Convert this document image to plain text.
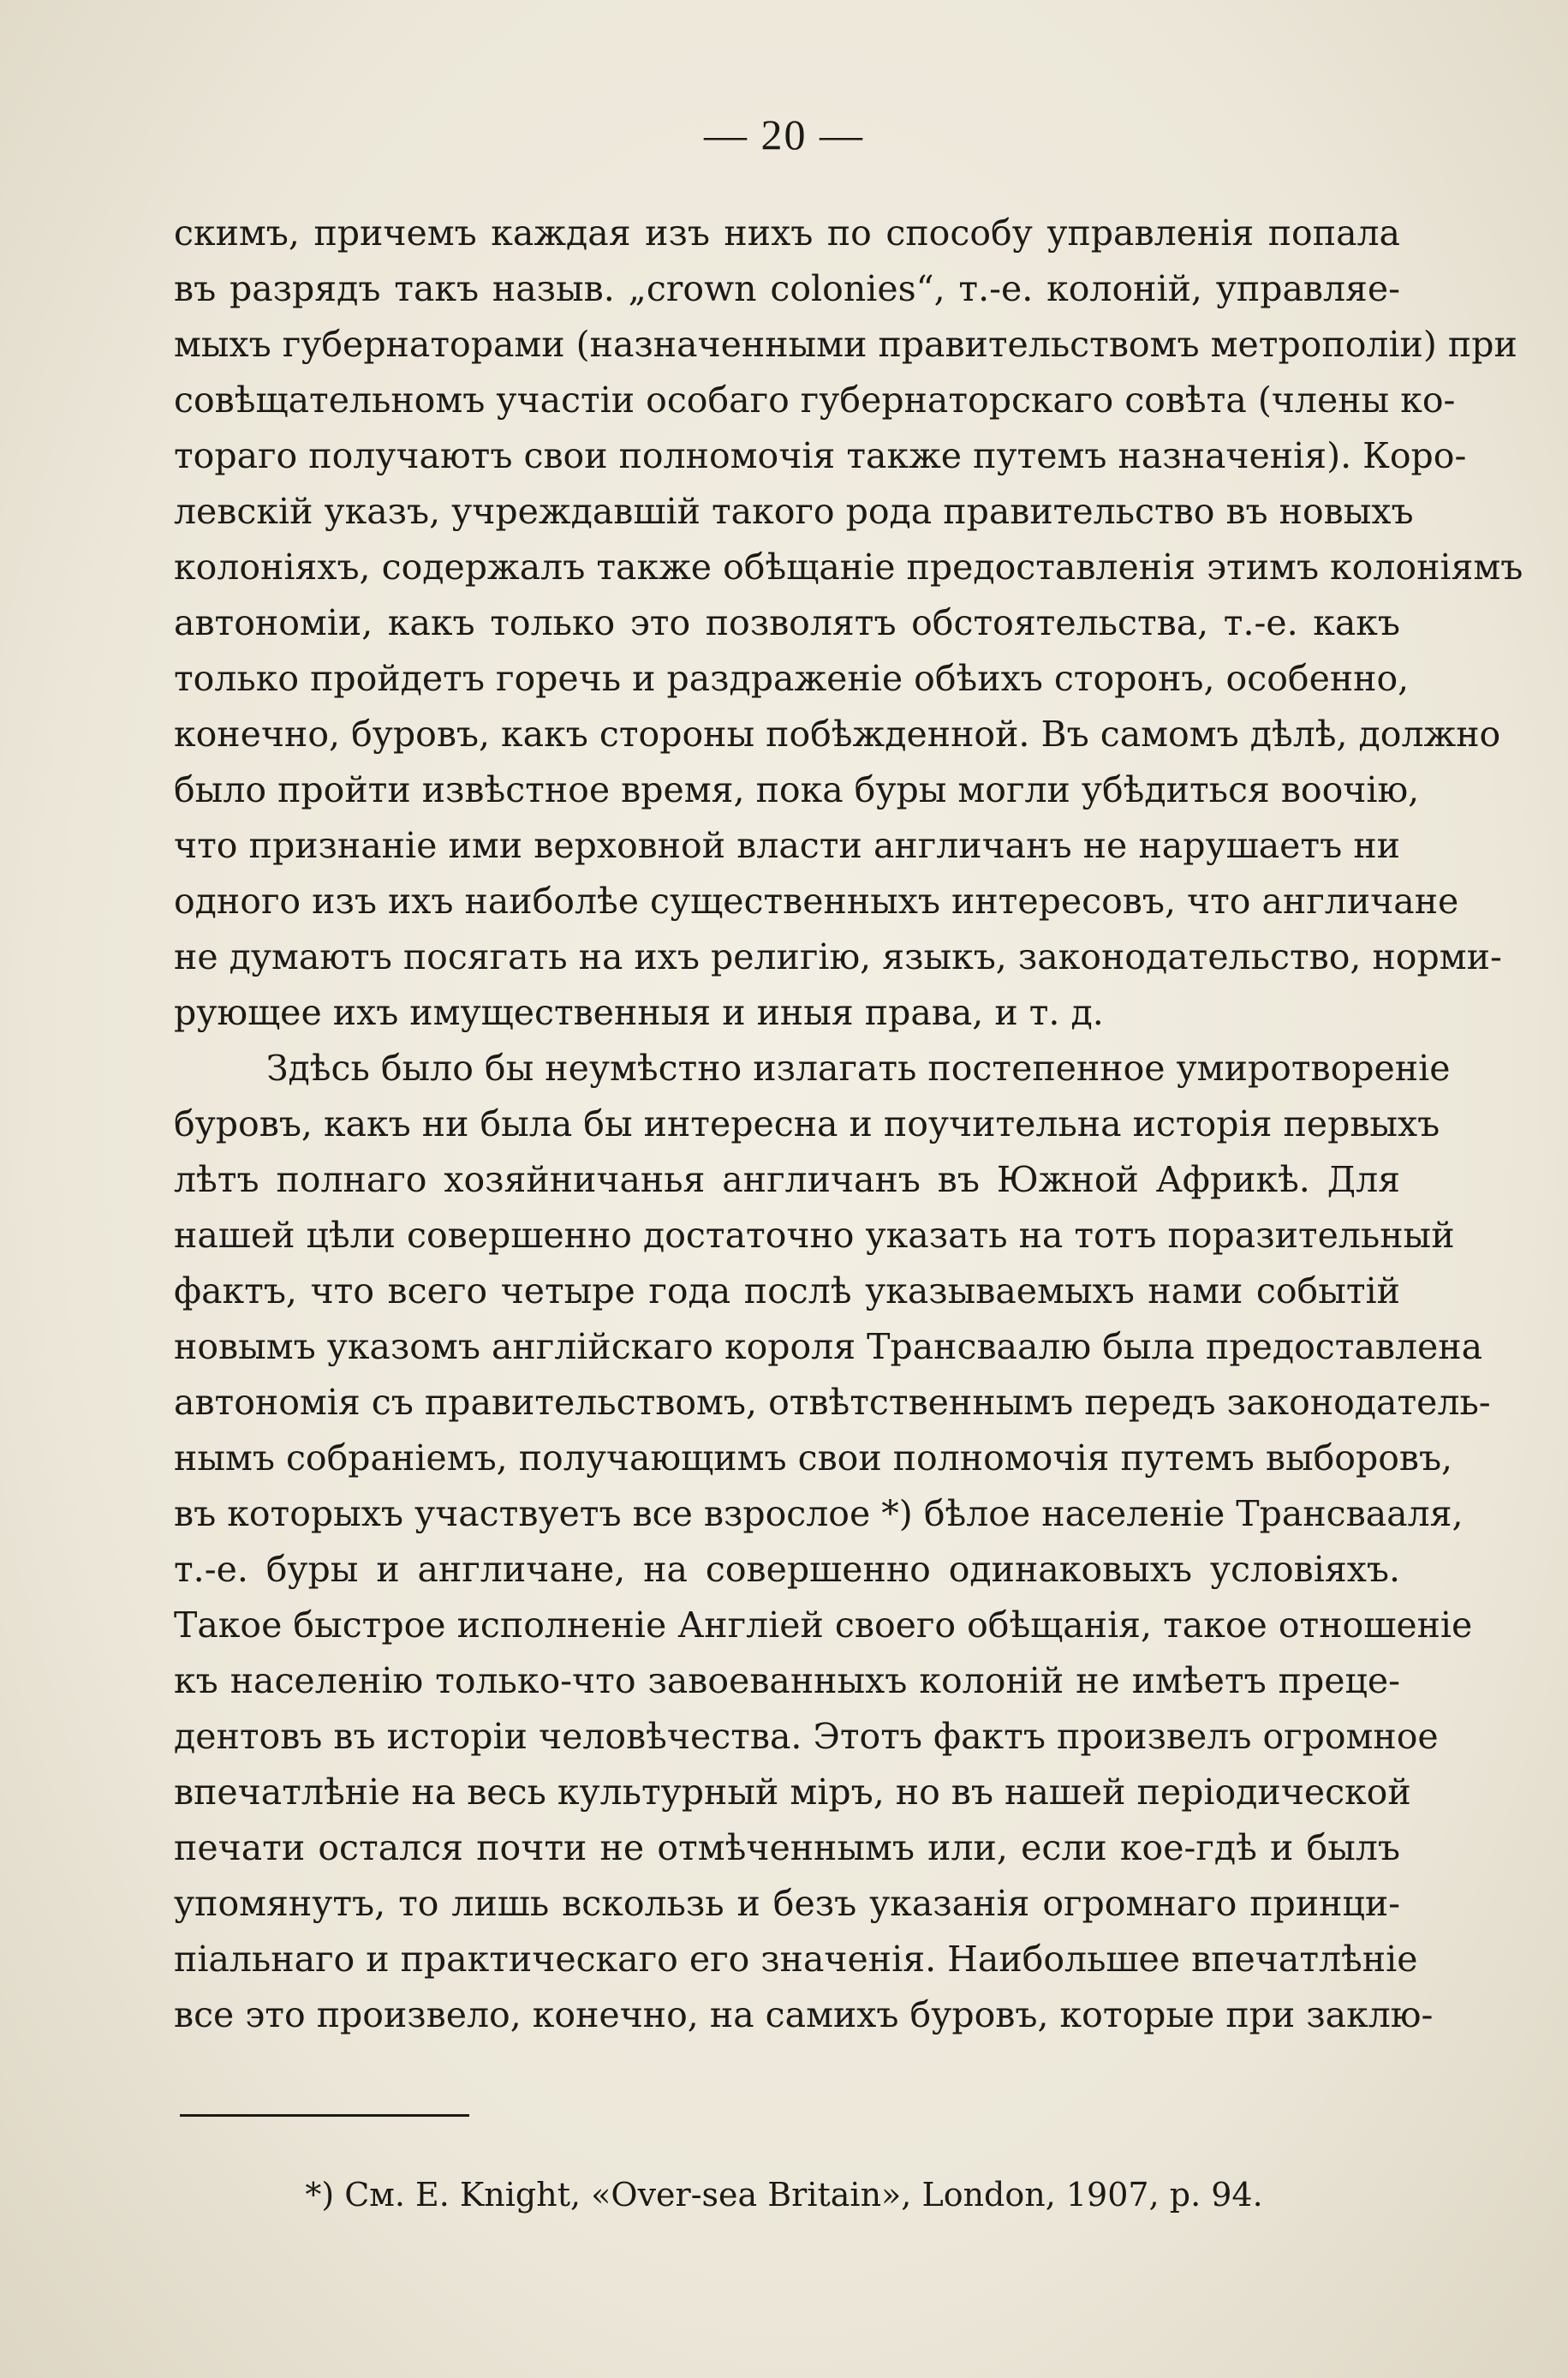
— 20 —
скимъ, причемъ каждая изъ нихъ по способу управленія попала
въ разрядъ такъ назыв. „crown colonies“, т.-е. колоній, управляе-
мыхъ губернаторами (назначенными правительствомъ метрополіи) при
совѣщательномъ участіи особаго губернаторскаго совѣта (члены ко-
тораго получаютъ свои полномочія также путемъ назначенія). Коро-
левскій указъ, учреждавшій такого рода правительство въ новыхъ
колоніяхъ, содержалъ также обѣщаніе предоставленія этимъ колоніямъ
автономіи, какъ только это позволятъ обстоятельства, т.-е. какъ
только пройдетъ горечь и раздраженіе обѣихъ сторонъ, особенно,
конечно, буровъ, какъ стороны побѣжденной. Въ самомъ дѣлѣ, должно
было пройти извѣстное время, пока буры могли убѣдиться воочію,
что признаніе ими верховной власти англичанъ не нарушаетъ ни
одного изъ ихъ наиболѣе существенныхъ интересовъ, что англичане
не думаютъ посягать на ихъ религію, языкъ, законодательство, норми-
рующее ихъ имущественныя и иныя права, и т. д.
Здѣсь было бы неумѣстно излагать постепенное умиротвореніе
буровъ, какъ ни была бы интересна и поучительна исторія первыхъ
лѣтъ полнаго хозяйничанья англичанъ въ Южной Африкѣ. Для
нашей цѣли совершенно достаточно указать на тотъ поразительный
фактъ, что всего четыре года послѣ указываемыхъ нами событій
новымъ указомъ англійскаго короля Трансваалю была предоставлена
автономія съ правительствомъ, отвѣтственнымъ передъ законодатель-
нымъ собраніемъ, получающимъ свои полномочія путемъ выборовъ,
въ которыхъ участвуетъ все взрослое *) бѣлое населеніе Трансвааля,
т.-е. буры и англичане, на совершенно одинаковыхъ условіяхъ.
Такое быстрое исполненіе Англіей своего обѣщанія, такое отношеніе
къ населенію только-что завоеванныхъ колоній не имѣетъ преце-
дентовъ въ исторіи человѣчества. Этотъ фактъ произвелъ огромное
впечатлѣніе на весь культурный міръ, но въ нашей періодической
печати остался почти не отмѣченнымъ или, если кое-гдѣ и былъ
упомянутъ, то лишь вскользь и безъ указанія огромнаго принци-
піальнаго и практическаго его значенія. Наибольшее впечатлѣніе
все это произвело, конечно, на самихъ буровъ, которые при заклю-
*) См. E. Knight, «Over-sea Britain», London, 1907, p. 94.
